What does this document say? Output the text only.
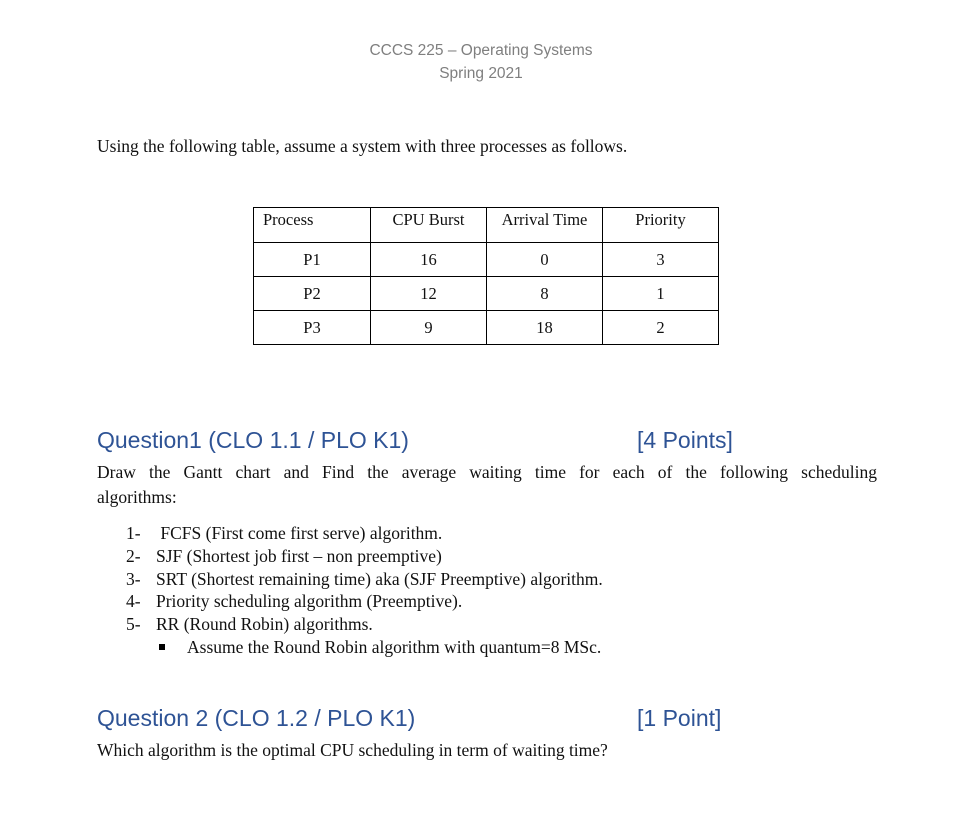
CCCS 225 – Operating Systems
Spring 2021
Using the following table, assume a system with three processes as follows.
Process	CPU Burst	Arrival Time	Priority
P1	16	0	3
P2	12	8	1
P3	9	18	2
Question1 (CLO 1.1 / PLO K1)	[4 Points]
Draw the Gantt chart and Find the average waiting time for each of the following scheduling
algorithms:
1- FCFS (First come first serve) algorithm.
2- SJF (Shortest job first – non preemptive)
3- SRT (Shortest remaining time) aka (SJF Preemptive) algorithm.
4- Priority scheduling algorithm (Preemptive).
5- RR (Round Robin) algorithms.
Assume the Round Robin algorithm with quantum=8 MSc.
Question 2 (CLO 1.2 / PLO K1)	[1 Point]
Which algorithm is the optimal CPU scheduling in term of waiting time?
